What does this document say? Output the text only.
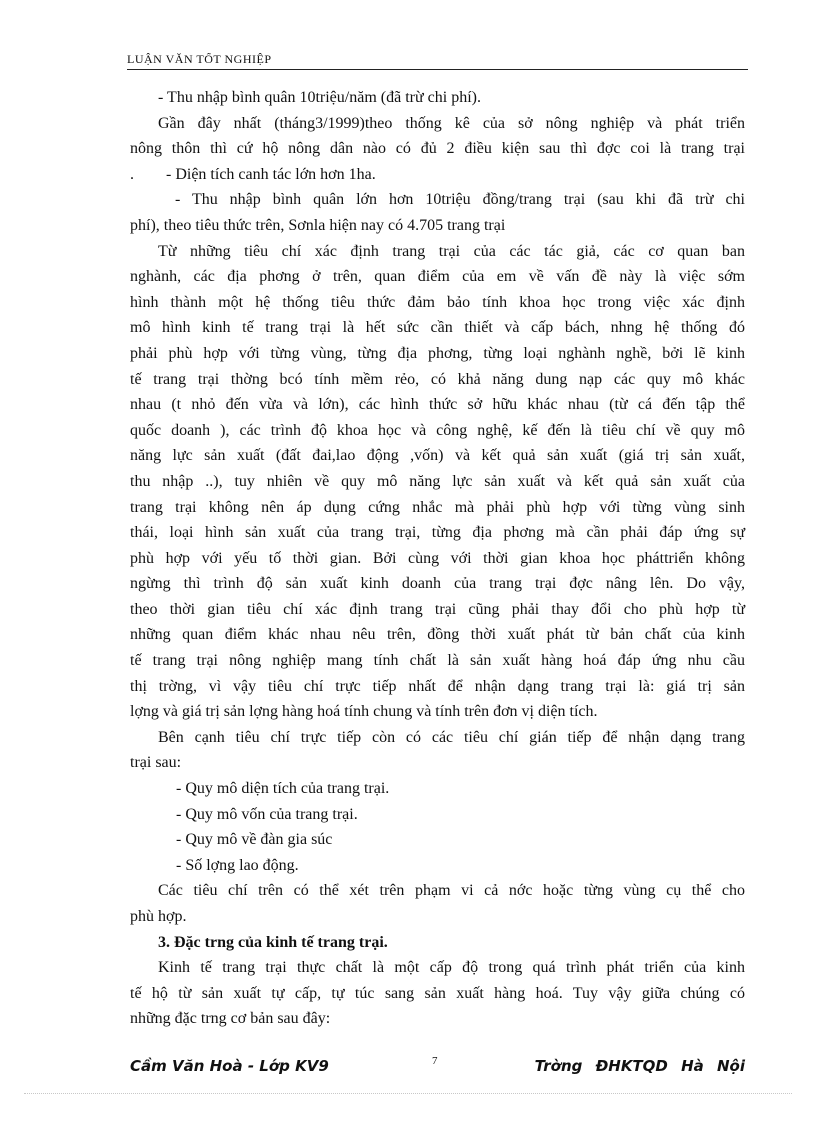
LUẬN VĂN TỐT NGHIỆP
- Thu nhập bình quân 10triệu/năm (đã trừ chi phí).
Gần đây nhất (tháng3/1999)theo thống kê của sở nông nghiệp và phát triển
nông thôn thì cứ hộ nông dân nào có đủ 2 điều kiện sau thì đợc coi là trang trại
.        - Diện tích canh tác lớn hơn 1ha.
- Thu nhập bình quân lớn hơn 10triệu đồng/trang trại (sau khi đã trừ chi
phí), theo tiêu thức trên, Sơnla hiện nay có 4.705 trang trại
Từ những tiêu chí xác định trang trại của các tác giả, các cơ quan ban
nghành, các địa phơng ở trên, quan điểm của em về vấn đề này là việc sớm
hình thành một hệ thống tiêu thức đảm bảo tính khoa học trong việc xác định
mô hình kinh tế trang trại là hết sức cần thiết và cấp bách, nhng hệ thống đó
phải phù hợp với từng vùng, từng địa phơng, từng loại nghành nghề, bởi lẽ kinh
tế trang trại thờng bcó tính mềm rẻo, có khả năng dung nạp các quy mô khác
nhau (t nhỏ đến vừa và lớn), các hình thức sở hữu khác nhau (từ cá đến tập thể
quốc doanh ), các trình độ khoa học và công nghệ, kế đến là tiêu chí về quy mô
năng lực sản xuất (đất đai,lao động ,vốn) và kết quả sản xuất (giá trị sản xuất,
thu nhập ..), tuy nhiên về quy mô năng lực sản xuất và kết quả sản xuất của
trang trại không nên áp dụng cứng nhắc mà phải phù hợp với từng vùng sinh
thái, loại hình sản xuất của trang trại, từng địa phơng mà cần phải đáp ứng sự
phù hợp với yếu tố thời gian. Bởi cùng với thời gian khoa học pháttriển không
ngừng thì trình độ sản xuất kinh doanh của trang trại đợc nâng lên. Do vậy,
theo thời gian tiêu chí xác định trang trại cũng phải thay đổi cho phù hợp từ
những quan điểm khác nhau nêu trên, đồng thời xuất phát từ bản chất của kinh
tế trang trại nông nghiệp mang tính chất là sản xuất hàng hoá đáp ứng nhu cầu
thị trờng, vì vậy tiêu chí trực tiếp nhất để nhận dạng trang trại là: giá trị sản
lợng và giá trị sản lợng hàng hoá tính chung và tính trên đơn vị diện tích.
Bên cạnh tiêu chí trực tiếp còn có các tiêu chí gián tiếp để nhận dạng trang
trại sau:
- Quy mô diện tích của trang trại.
- Quy mô vốn của trang trại.
- Quy mô về đàn gia súc
- Số lợng lao động.
Các tiêu chí trên có thể xét trên phạm vi cả nớc hoặc từng vùng cụ thể cho
phù hợp.
3. Đặc trng của kinh tế trang trại.
Kinh tế trang trại thực chất là một cấp độ trong quá trình phát triển của kinh
tế hộ từ sản xuất tự cấp, tự túc sang sản xuất hàng hoá. Tuy vậy giữa chúng có
những đặc trng cơ bản sau đây:
Cầm Văn Hoà - Lớp KV9	7	Trờng ĐHKTQD Hà Nội
